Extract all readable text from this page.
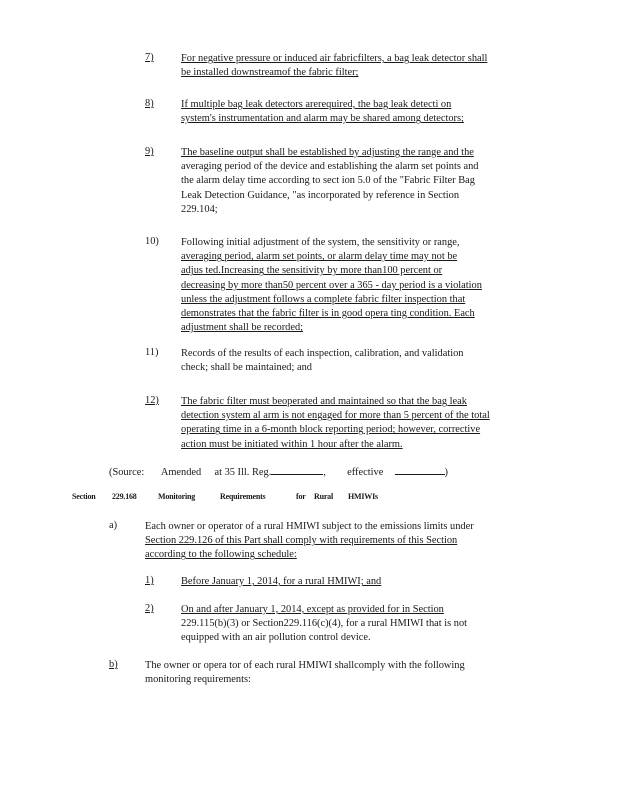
7)	For negative pressure or induced air fabricfilters, a bag leak detector shall
be installed downstreamof the fabric filter;
8)	If multiple bag leak detectors arerequired, the bag leak detecti on
system's instrumentation and alarm may be shared among detectors;
9)	The baseline output shall be established by adjusting the range and the
averaging period of the device and establishing the alarm set points and
the alarm delay time according to sect ion 5.0 of the "Fabric Filter Bag
Leak Detection Guidance, "as incorporated by reference in Section
229.104;
10) Following initial adjustment of the system, the sensitivity or range,
averaging period, alarm set points, or alarm delay time may not be
adjus ted.Increasing the sensitivity by more than100 percent or
decreasing by more than50 percent over a 365 - day period is a violation
unless the adjustment follows a complete fabric filter inspection that
demonstrates that the fabric filter is in good opera ting condition. Each
adjustment shall be recorded;
11) Records of the results of each inspection, calibration, and validation
check; shall be maintained; and
12) The fabric filter must beoperated and maintained so that the bag leak
detection system al arm is not engaged for more than 5 percent of the total
operating time in a 6-month block reporting period; however, corrective
action must be initiated within 1 hour after the alarm.
(Source: Amended at 35 Ill. Reg.	, effective	)
Section 229.168	Monitoring	Requirements	for Rural HMIWIs
a)	Each owner or operator of a rural HMIWI subject to the emissions limits under
Section 229.126 of this Part shall comply with requirements of this Section
according to the following schedule:
1)	Before January 1, 2014, for a rural HMIWI; and
2)	On and after January 1, 2014, except as provided for in Section
229.115(b)(3) or Section229.116(c)(4), for a rural HMIWI that is not
equipped with an air pollution control device.
b)	The owner or opera tor of each rural HMIWI shallcomply with the following
monitoring requirements:
